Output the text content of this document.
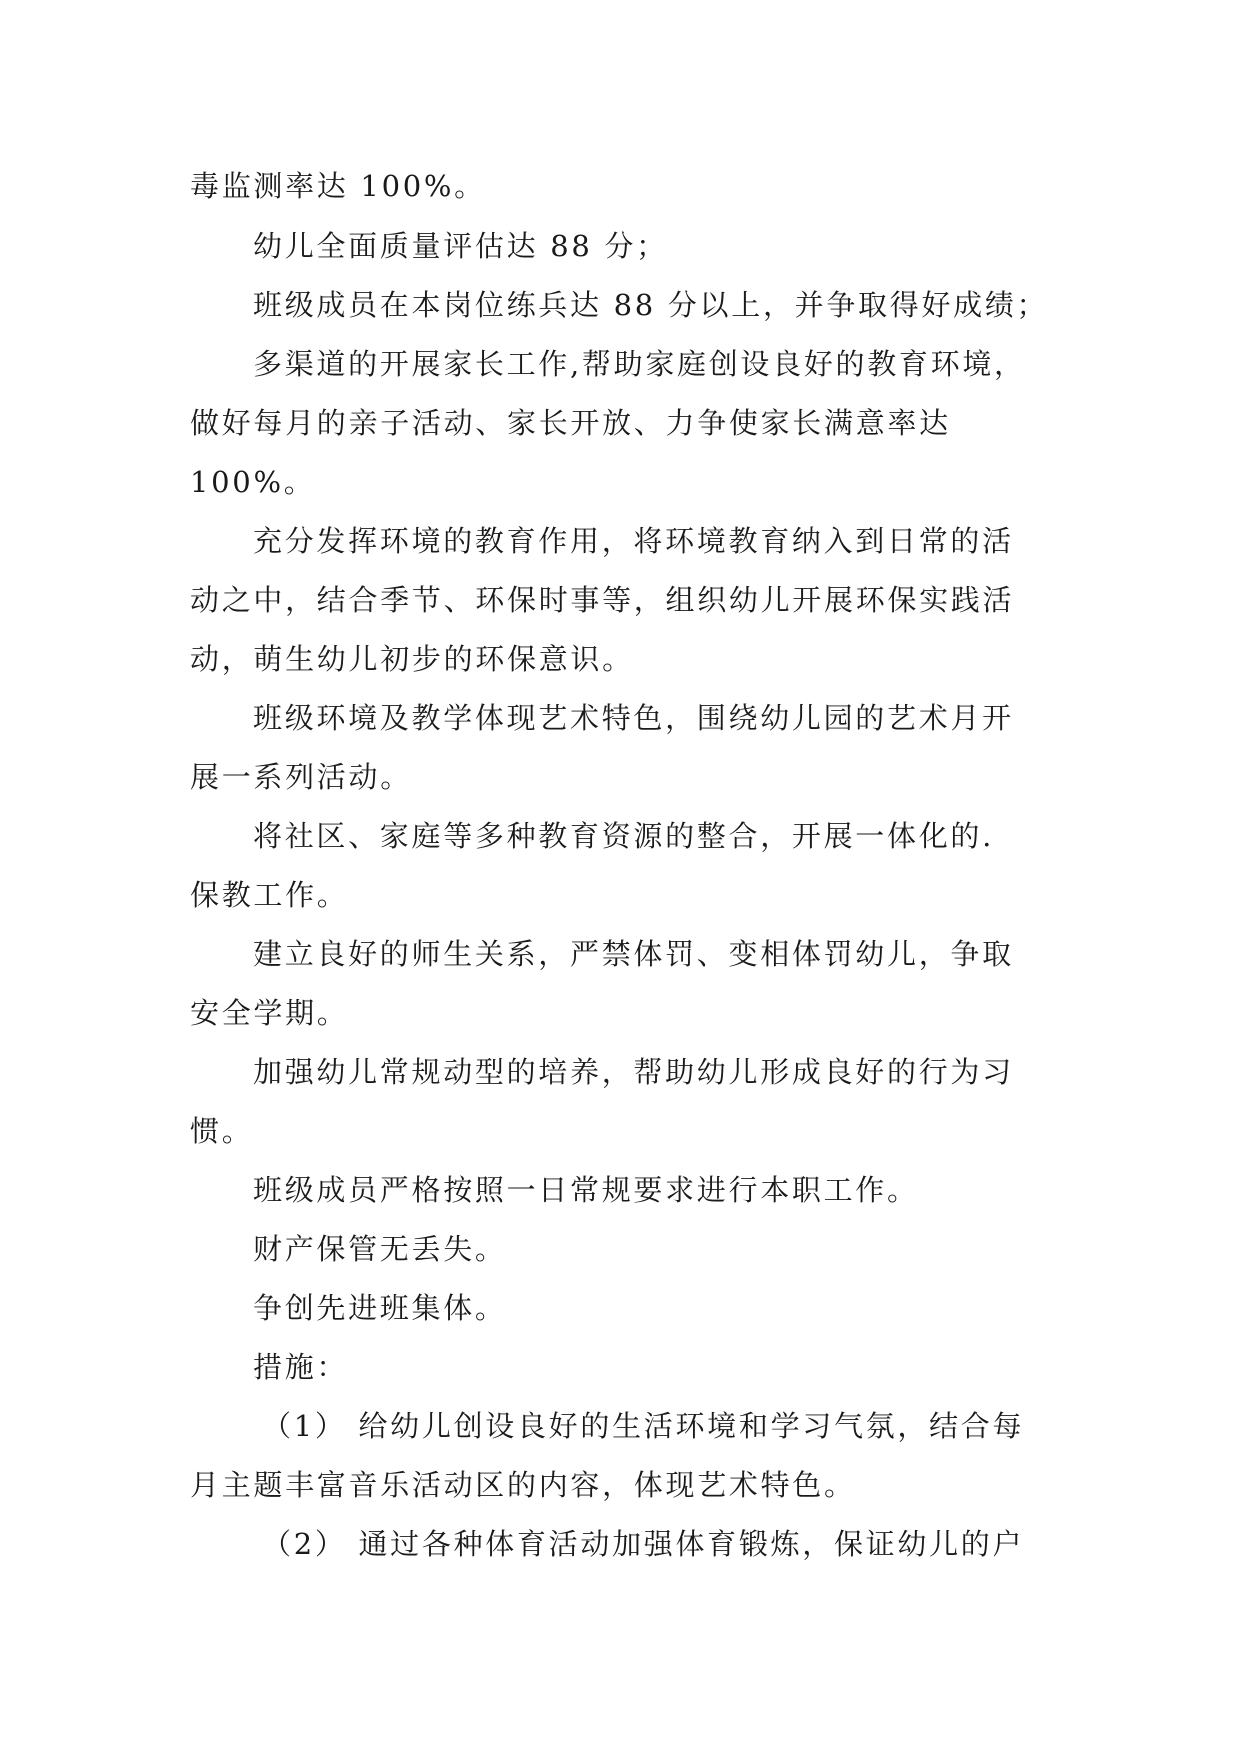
毒监测率达 100%。
幼儿全面质量评估达 88 分；
班级成员在本岗位练兵达 88 分以上，并争取得好成绩；
多渠道的开展家长工作,帮助家庭创设良好的教育环境，
做好每月的亲子活动、家长开放、力争使家长满意率达
100%。
充分发挥环境的教育作用，将环境教育纳入到日常的活
动之中，结合季节、环保时事等，组织幼儿开展环保实践活
动，萌生幼儿初步的环保意识。
班级环境及教学体现艺术特色，围绕幼儿园的艺术月开
展一系列活动。
将社区、家庭等多种教育资源的整合，开展一体化的.
保教工作。
建立良好的师生关系，严禁体罚、变相体罚幼儿，争取
安全学期。
加强幼儿常规动型的培养，帮助幼儿形成良好的行为习
惯。
班级成员严格按照一日常规要求进行本职工作。
财产保管无丢失。
争创先进班集体。
措施：
（1） 给幼儿创设良好的生活环境和学习气氛，结合每
月主题丰富音乐活动区的内容，体现艺术特色。
（2） 通过各种体育活动加强体育锻炼，保证幼儿的户
